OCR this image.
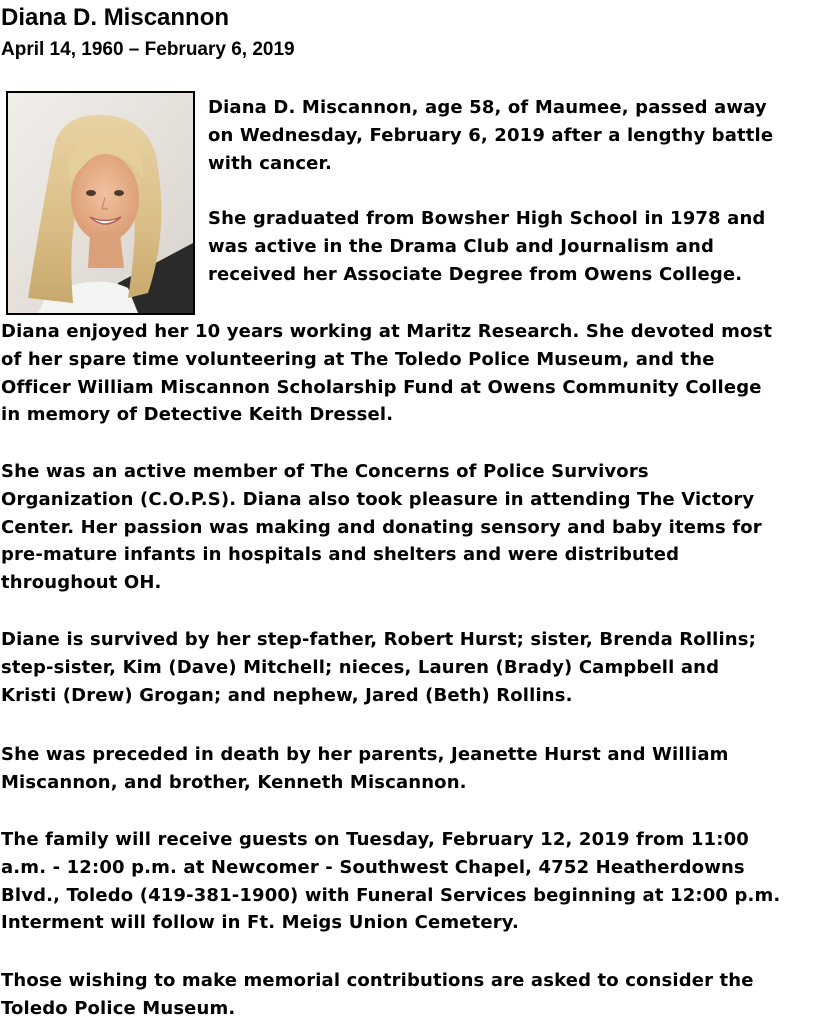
Diana D. Miscannon
April 14, 1960 – February 6, 2019

Diana D. Miscannon, age 58, of Maumee, passed away
on Wednesday, February 6, 2019 after a lengthy battle
with cancer.

She graduated from Bowsher High School in 1978 and
was active in the Drama Club and Journalism and
received her Associate Degree from Owens College.

Diana enjoyed her 10 years working at Maritz Research. She devoted most
of her spare time volunteering at The Toledo Police Museum, and the
Officer William Miscannon Scholarship Fund at Owens Community College
in memory of Detective Keith Dressel.

She was an active member of The Concerns of Police Survivors
Organization (C.O.P.S). Diana also took pleasure in attending The Victory
Center. Her passion was making and donating sensory and baby items for
pre-mature infants in hospitals and shelters and were distributed
throughout OH.

Diane is survived by her step-father, Robert Hurst; sister, Brenda Rollins;
step-sister, Kim (Dave) Mitchell; nieces, Lauren (Brady) Campbell and
Kristi (Drew) Grogan; and nephew, Jared (Beth) Rollins.

She was preceded in death by her parents, Jeanette Hurst and William
Miscannon, and brother, Kenneth Miscannon.

The family will receive guests on Tuesday, February 12, 2019 from 11:00
a.m. - 12:00 p.m. at Newcomer - Southwest Chapel, 4752 Heatherdowns
Blvd., Toledo (419-381-1900) with Funeral Services beginning at 12:00 p.m.
Interment will follow in Ft. Meigs Union Cemetery.

Those wishing to make memorial contributions are asked to consider the
Toledo Police Museum.
